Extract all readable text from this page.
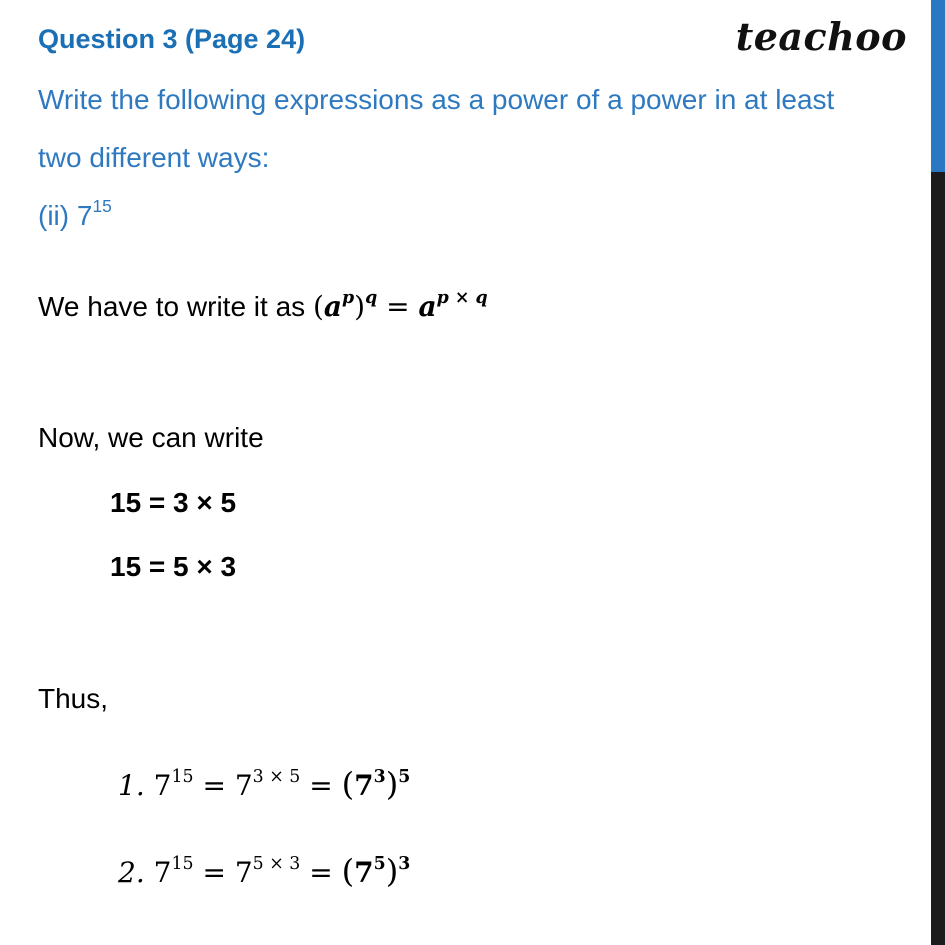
Question 3 (Page 24)	teachoo
Write the following expressions as a power of a power in at least
two different ways:
(ii) $7^{15}$
We have to write it as $(a^p)^q = a^{p \times q}$
Now, we can write
15 = 3 × 5
15 = 5 × 3
Thus,
1. $7^{15} = 7^{3 \times 5} = (7^3)^5$
2. $7^{15} = 7^{5 \times 3} = (7^5)^3$
